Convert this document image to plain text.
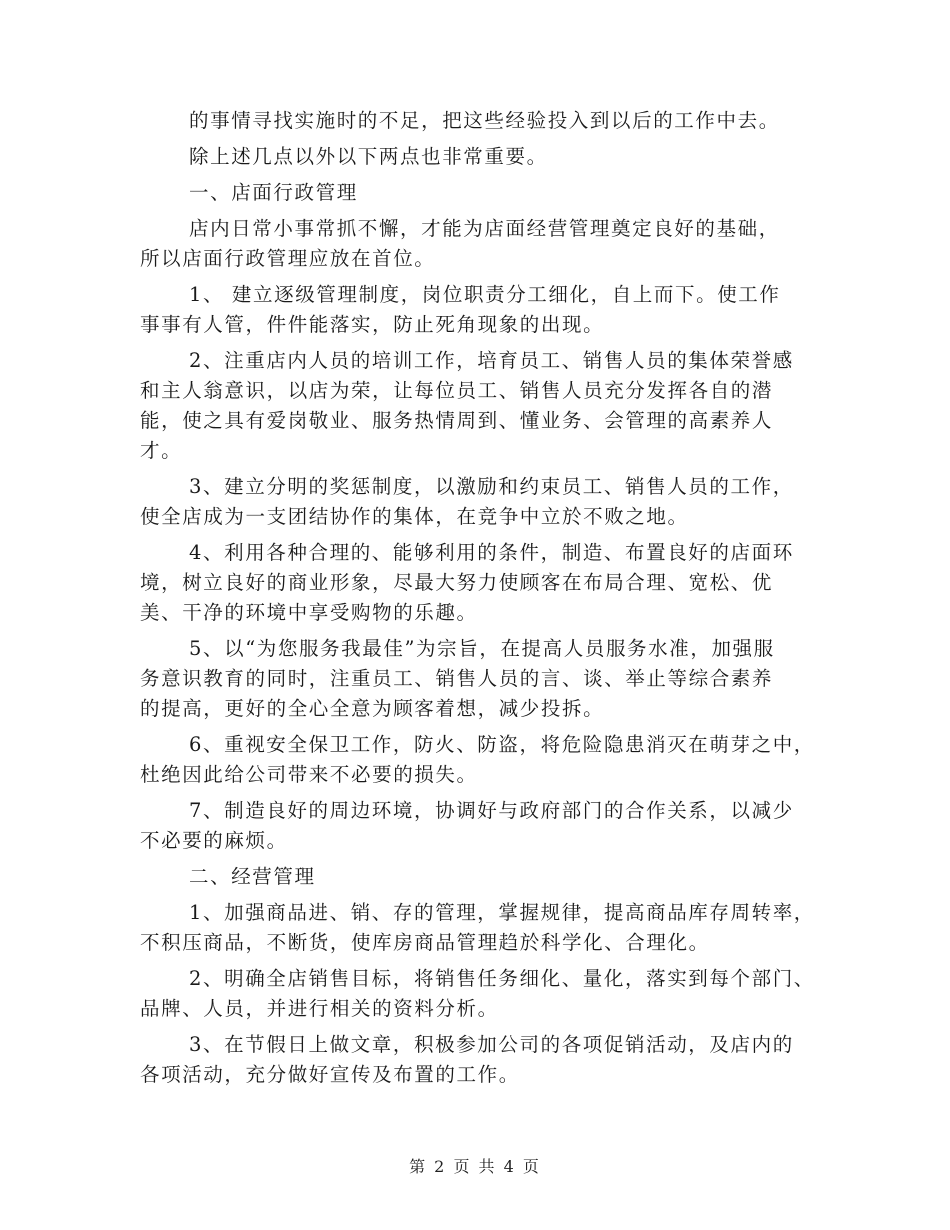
的事情寻找实施时的不足，把这些经验投入到以后的工作中去。

除上述几点以外以下两点也非常重要。

一、店面行政管理

店内日常小事常抓不懈，才能为店面经营管理奠定良好的基础，
所以店面行政管理应放在首位。

1、 建立逐级管理制度，岗位职责分工细化，自上而下。使工作
事事有人管，件件能落实，防止死角现象的出现。

2、注重店内人员的培训工作，培育员工、销售人员的集体荣誉感
和主人翁意识，以店为荣，让每位员工、销售人员充分发挥各自的潜
能，使之具有爱岗敬业、服务热情周到、懂业务、会管理的高素养人
才。

3、建立分明的奖惩制度，以激励和约束员工、销售人员的工作，
使全店成为一支团结协作的集体，在竞争中立於不败之地。

4、利用各种合理的、能够利用的条件，制造、布置良好的店面环
境，树立良好的商业形象，尽最大努力使顾客在布局合理、宽松、优
美、干净的环境中享受购物的乐趣。

5、以“为您服务我最佳”为宗旨，在提高人员服务水准，加强服
务意识教育的同时，注重员工、销售人员的言、谈、举止等综合素养
的提高，更好的全心全意为顾客着想，减少投拆。

6、重视安全保卫工作，防火、防盗，将危险隐患消灭在萌芽之中，
杜绝因此给公司带来不必要的损失。

7、制造良好的周边环境，协调好与政府部门的合作关系，以减少
不必要的麻烦。

二、经营管理

1、加强商品进、销、存的管理，掌握规律，提高商品库存周转率，
不积压商品，不断货，使库房商品管理趋於科学化、合理化。

2、明确全店销售目标，将销售任务细化、量化，落实到每个部门、
品牌、人员，并进行相关的资料分析。

3、在节假日上做文章，积极参加公司的各项促销活动，及店内的
各项活动，充分做好宣传及布置的工作。

第 2 页 共 4 页
